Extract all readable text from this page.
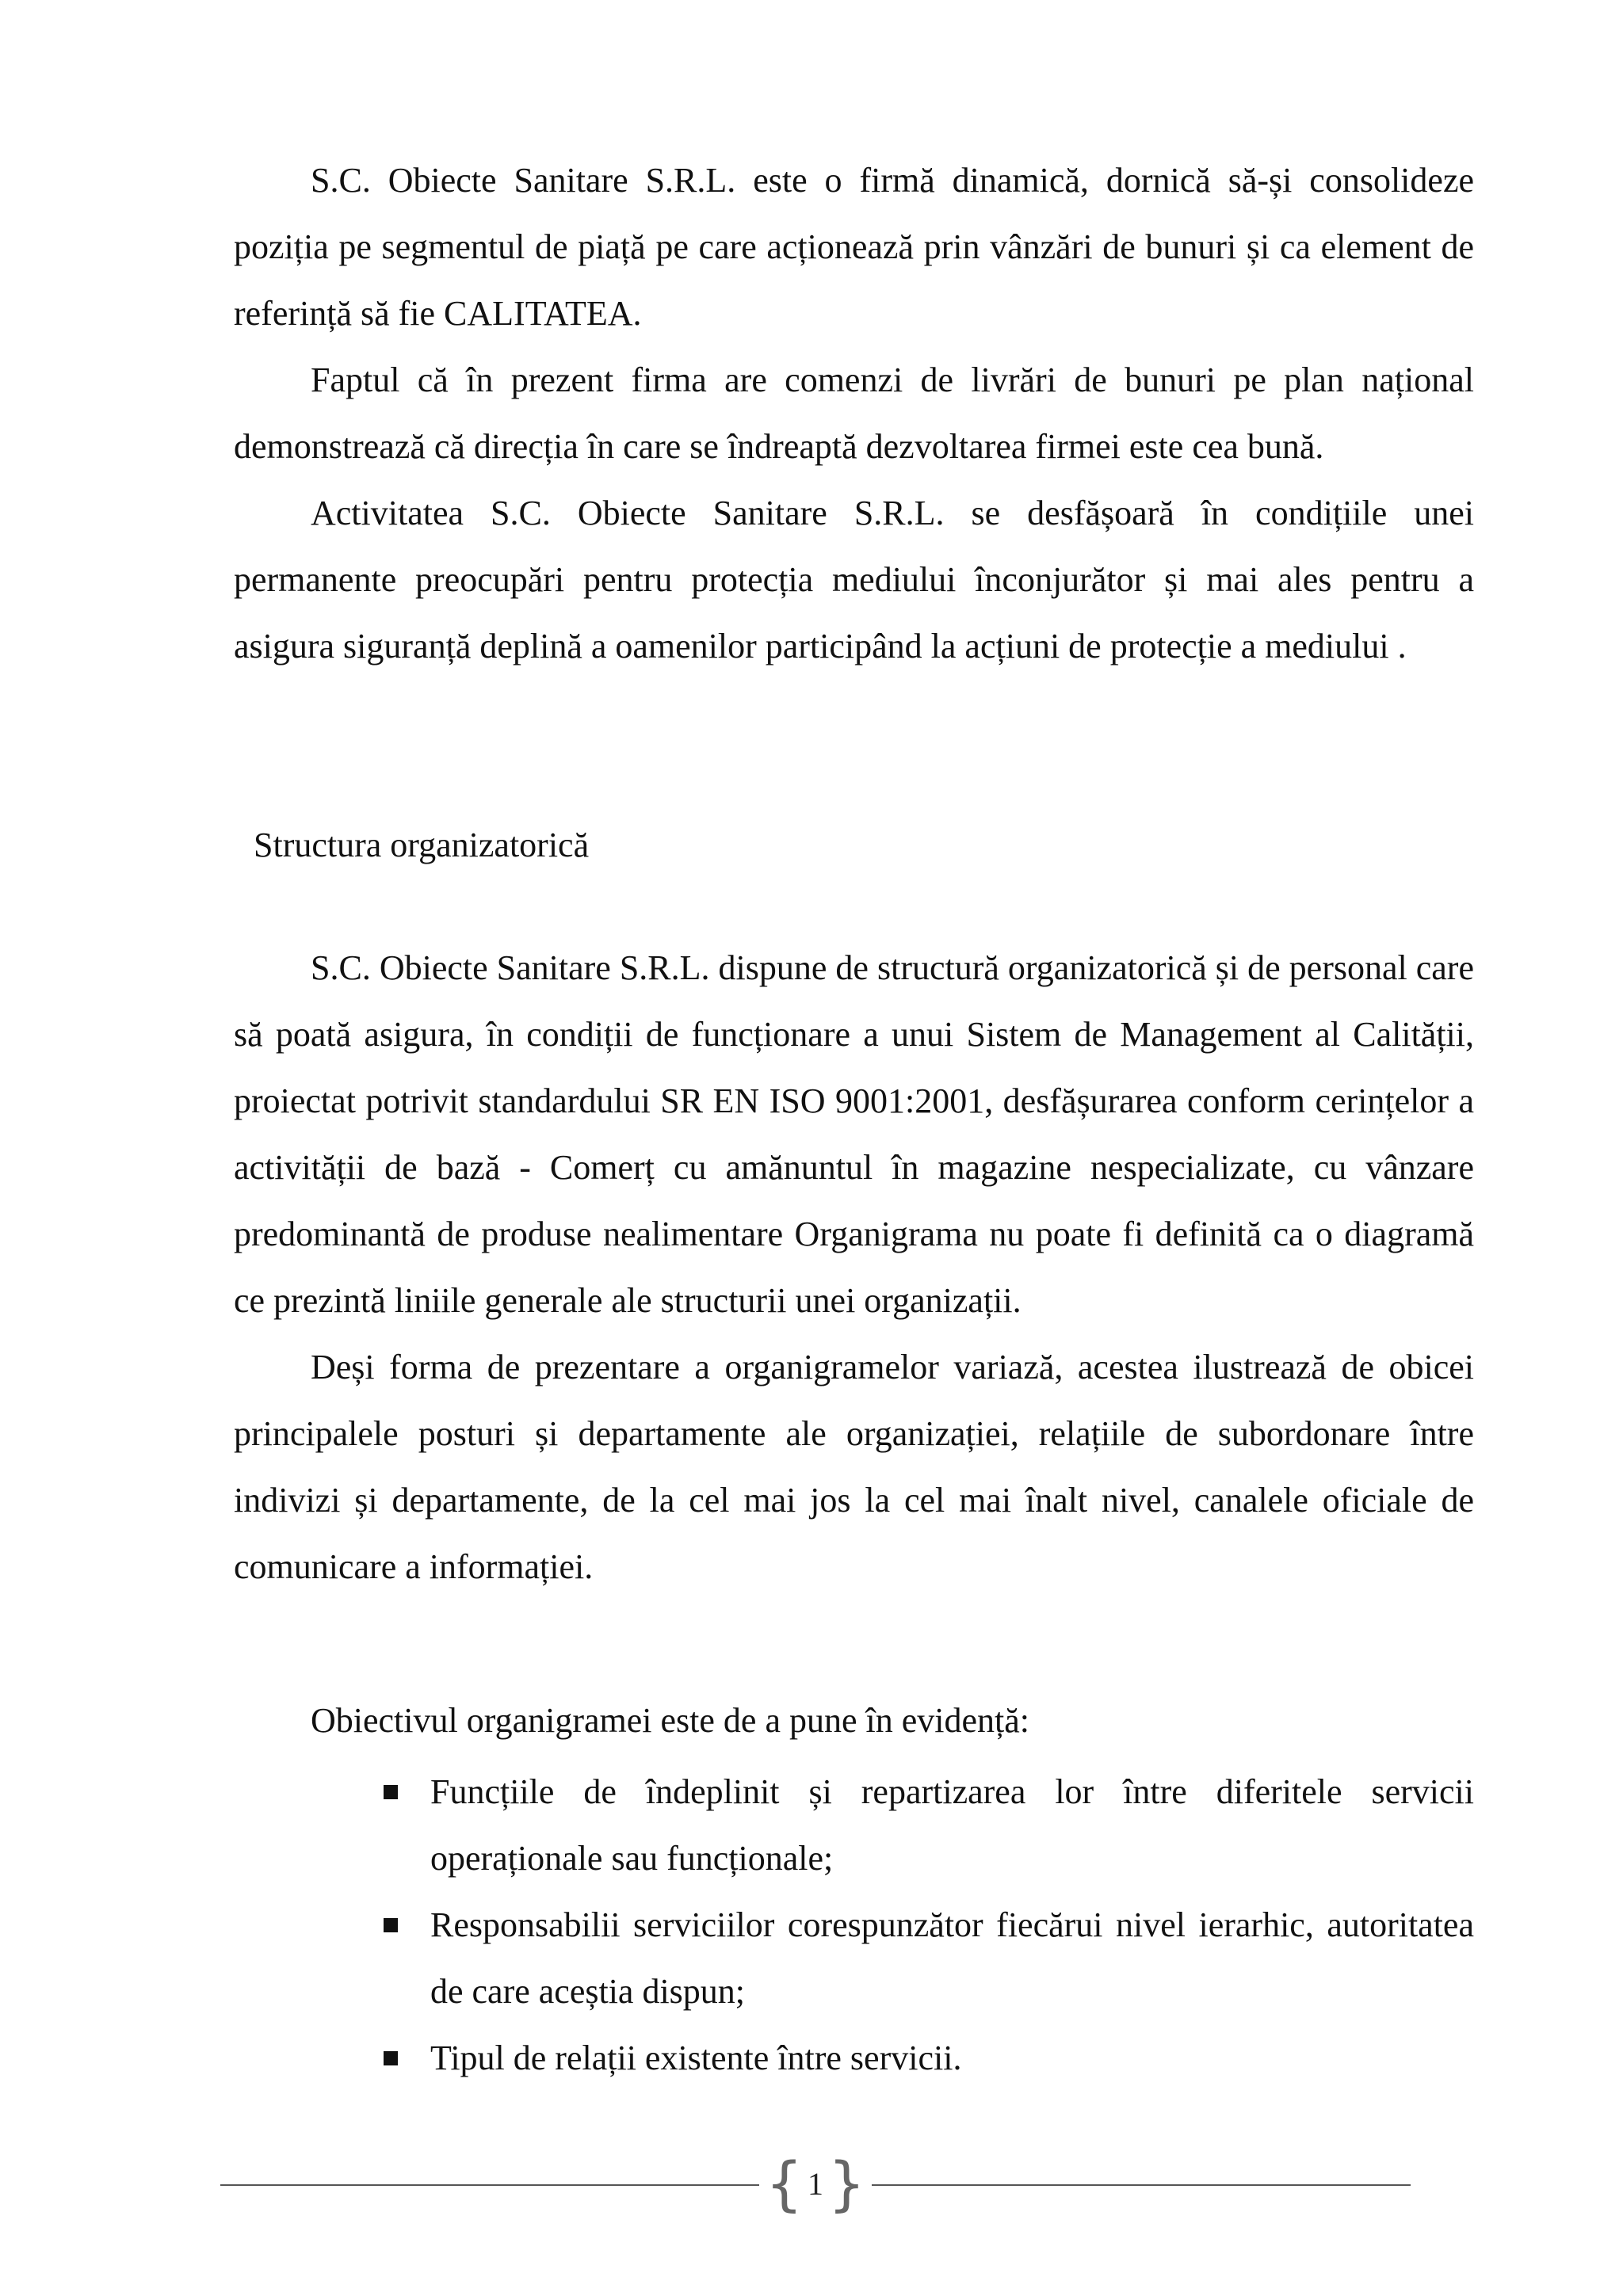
S.C. Obiecte Sanitare S.R.L. este o firmă dinamică, dornică să-și consolideze poziția pe segmentul de piață pe care acționează prin vânzări de bunuri și ca element de referință să fie CALITATEA.

Faptul că în prezent firma are comenzi de livrări de bunuri pe plan național demonstrează că direcția în care se îndreaptă dezvoltarea firmei este cea bună.

Activitatea S.C. Obiecte Sanitare S.R.L. se desfășoară în condițiile unei permanente preocupări pentru protecția mediului înconjurător și mai ales pentru a asigura siguranță deplină a oamenilor participând la acțiuni de protecție a mediului .

Structura organizatorică

S.C. Obiecte Sanitare S.R.L. dispune de structură organizatorică și de personal care să poată asigura, în condiții de funcționare a unui Sistem de Management al Calității, proiectat potrivit standardului SR EN ISO 9001:2001, desfășurarea conform cerințelor a activității de bază - Comerț cu amănuntul în magazine nespecializate, cu vânzare predominantă de produse nealimentare Organigrama nu poate fi definită ca o diagramă ce prezintă liniile generale ale structurii unei organizații.

Deși forma de prezentare a organigramelor variază, acestea ilustrează de obicei principalele posturi și departamente ale organizației, relațiile de subordonare între indivizi și departamente, de la cel mai jos la cel mai înalt nivel, canalele oficiale de comunicare a informației.

Obiectivul organigramei este de a pune în evidență:

Funcțiile de îndeplinit și repartizarea lor între diferitele servicii operaționale sau funcționale;
Responsabilii serviciilor corespunzător fiecărui nivel ierarhic, autoritatea de care aceștia dispun;
Tipul de relații existente între servicii.
{ 1 }
